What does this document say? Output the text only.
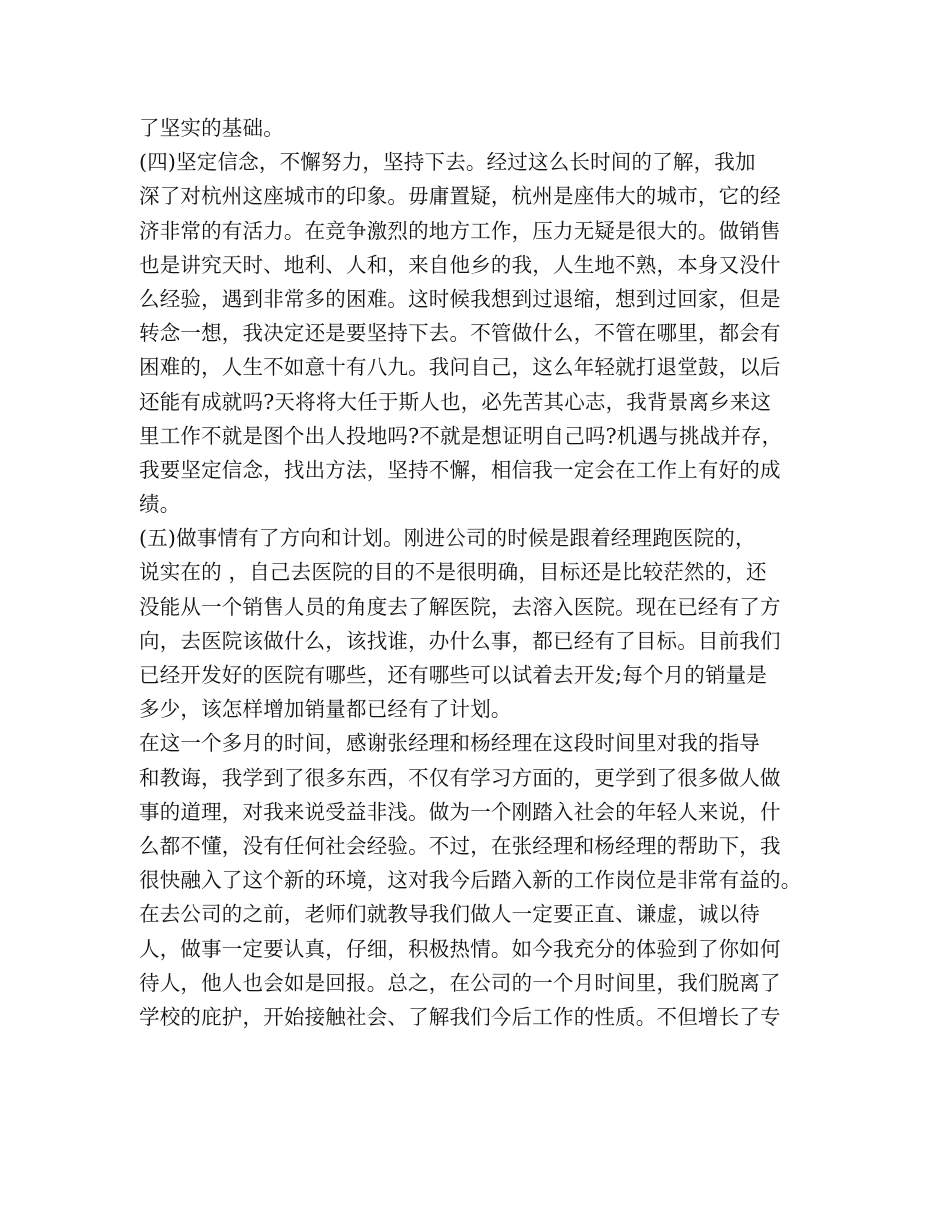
了坚实的基础。
(四)坚定信念，不懈努力，坚持下去。经过这么长时间的了解，我加
深了对杭州这座城市的印象。毋庸置疑，杭州是座伟大的城市，它的经
济非常的有活力。在竞争激烈的地方工作，压力无疑是很大的。做销售
也是讲究天时、地利、人和，来自他乡的我，人生地不熟，本身又没什
么经验，遇到非常多的困难。这时候我想到过退缩，想到过回家，但是
转念一想，我决定还是要坚持下去。不管做什么，不管在哪里，都会有
困难的，人生不如意十有八九。我问自己，这么年轻就打退堂鼓，以后
还能有成就吗?天将将大任于斯人也，必先苦其心志，我背景离乡来这
里工作不就是图个出人投地吗?不就是想证明自己吗?机遇与挑战并存，
我要坚定信念，找出方法，坚持不懈，相信我一定会在工作上有好的成
绩。
(五)做事情有了方向和计划。刚进公司的时候是跟着经理跑医院的，
说实在的 ，自己去医院的目的不是很明确，目标还是比较茫然的，还
没能从一个销售人员的角度去了解医院，去溶入医院。现在已经有了方
向，去医院该做什么，该找谁，办什么事，都已经有了目标。目前我们
已经开发好的医院有哪些，还有哪些可以试着去开发;每个月的销量是
多少，该怎样增加销量都已经有了计划。
在这一个多月的时间，感谢张经理和杨经理在这段时间里对我的指导
和教诲，我学到了很多东西，不仅有学习方面的，更学到了很多做人做
事的道理，对我来说受益非浅。做为一个刚踏入社会的年轻人来说，什
么都不懂，没有任何社会经验。不过，在张经理和杨经理的帮助下，我
很快融入了这个新的环境，这对我今后踏入新的工作岗位是非常有益的。
在去公司的之前，老师们就教导我们做人一定要正直、谦虚，诚以待
人，做事一定要认真，仔细，积极热情。如今我充分的体验到了你如何
待人，他人也会如是回报。总之，在公司的一个月时间里，我们脱离了
学校的庇护，开始接触社会、了解我们今后工作的性质。不但增长了专
